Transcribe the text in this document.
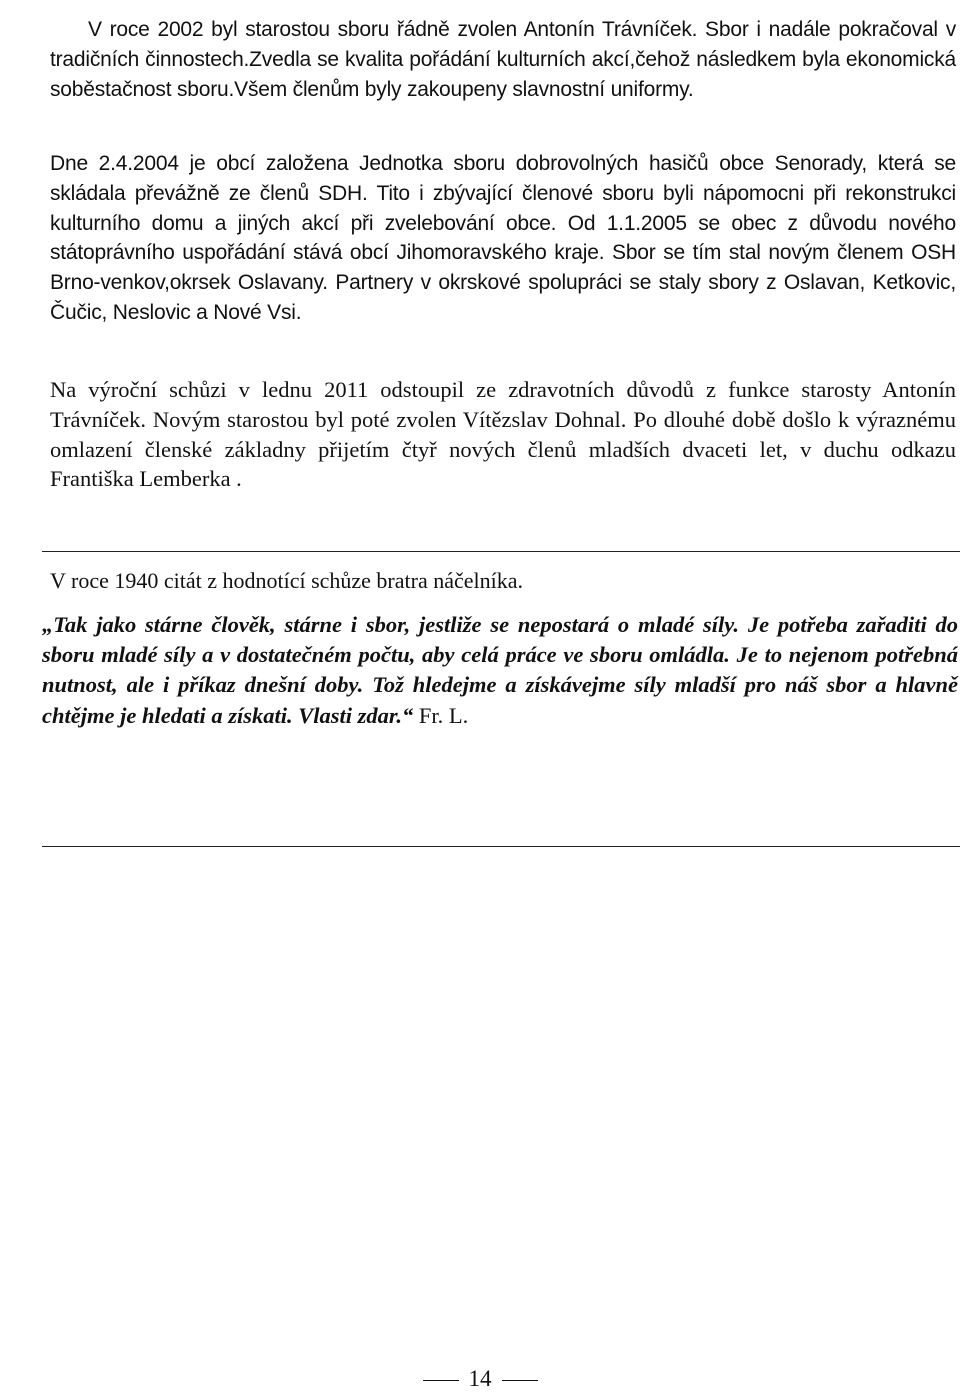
V roce 2002 byl starostou sboru řádně zvolen Antonín Trávníček. Sbor i nadále pokračoval v tradičních činnostech.Zvedla se kvalita pořádání kulturních akcí,čehož následkem byla ekonomická soběstačnost sboru.Všem členům byly zakoupeny slavnostní uniformy.

Dne 2.4.2004 je obcí založena Jednotka sboru dobrovolných hasičů obce Senorady, která se skládala převážně ze členů SDH. Tito i zbývající členové sboru byli nápomocni při rekonstrukci kulturního domu a jiných akcí při zvelebování obce. Od 1.1.2005 se obec z důvodu nového státoprávního uspořádání stává obcí Jihomoravského kraje. Sbor se tím stal novým členem OSH Brno-venkov,okrsek Oslavany. Partnery v okrskové spolupráci se staly sbory z Oslavan, Ketkovic, Čučic, Neslovic a Nové Vsi.

Na výroční schůzi v lednu 2011 odstoupil ze zdravotních důvodů z funkce starosty Antonín Trávníček. Novým starostou byl poté zvolen Vítězslav Dohnal. Po dlouhé době došlo k výraznému omlazení členské základny přijetím čtyř nových členů mladších dvaceti let, v duchu odkazu Františka Lemberka .

V roce 1940 citát z hodnotící schůze bratra náčelníka.

„Tak jako stárne člověk, stárne i sbor, jestliže se nepostará o mladé síly. Je potřeba zařaditi do sboru mladé síly a v dostatečném počtu, aby celá práce ve sboru omládla. Je to nejenom potřebná nutnost, ale i příkaz dnešní doby. Tož hledejme a získávejme síly mladší pro náš sbor a hlavně chtějme je hledati a získati. Vlasti zdar.“ Fr. L.

14
